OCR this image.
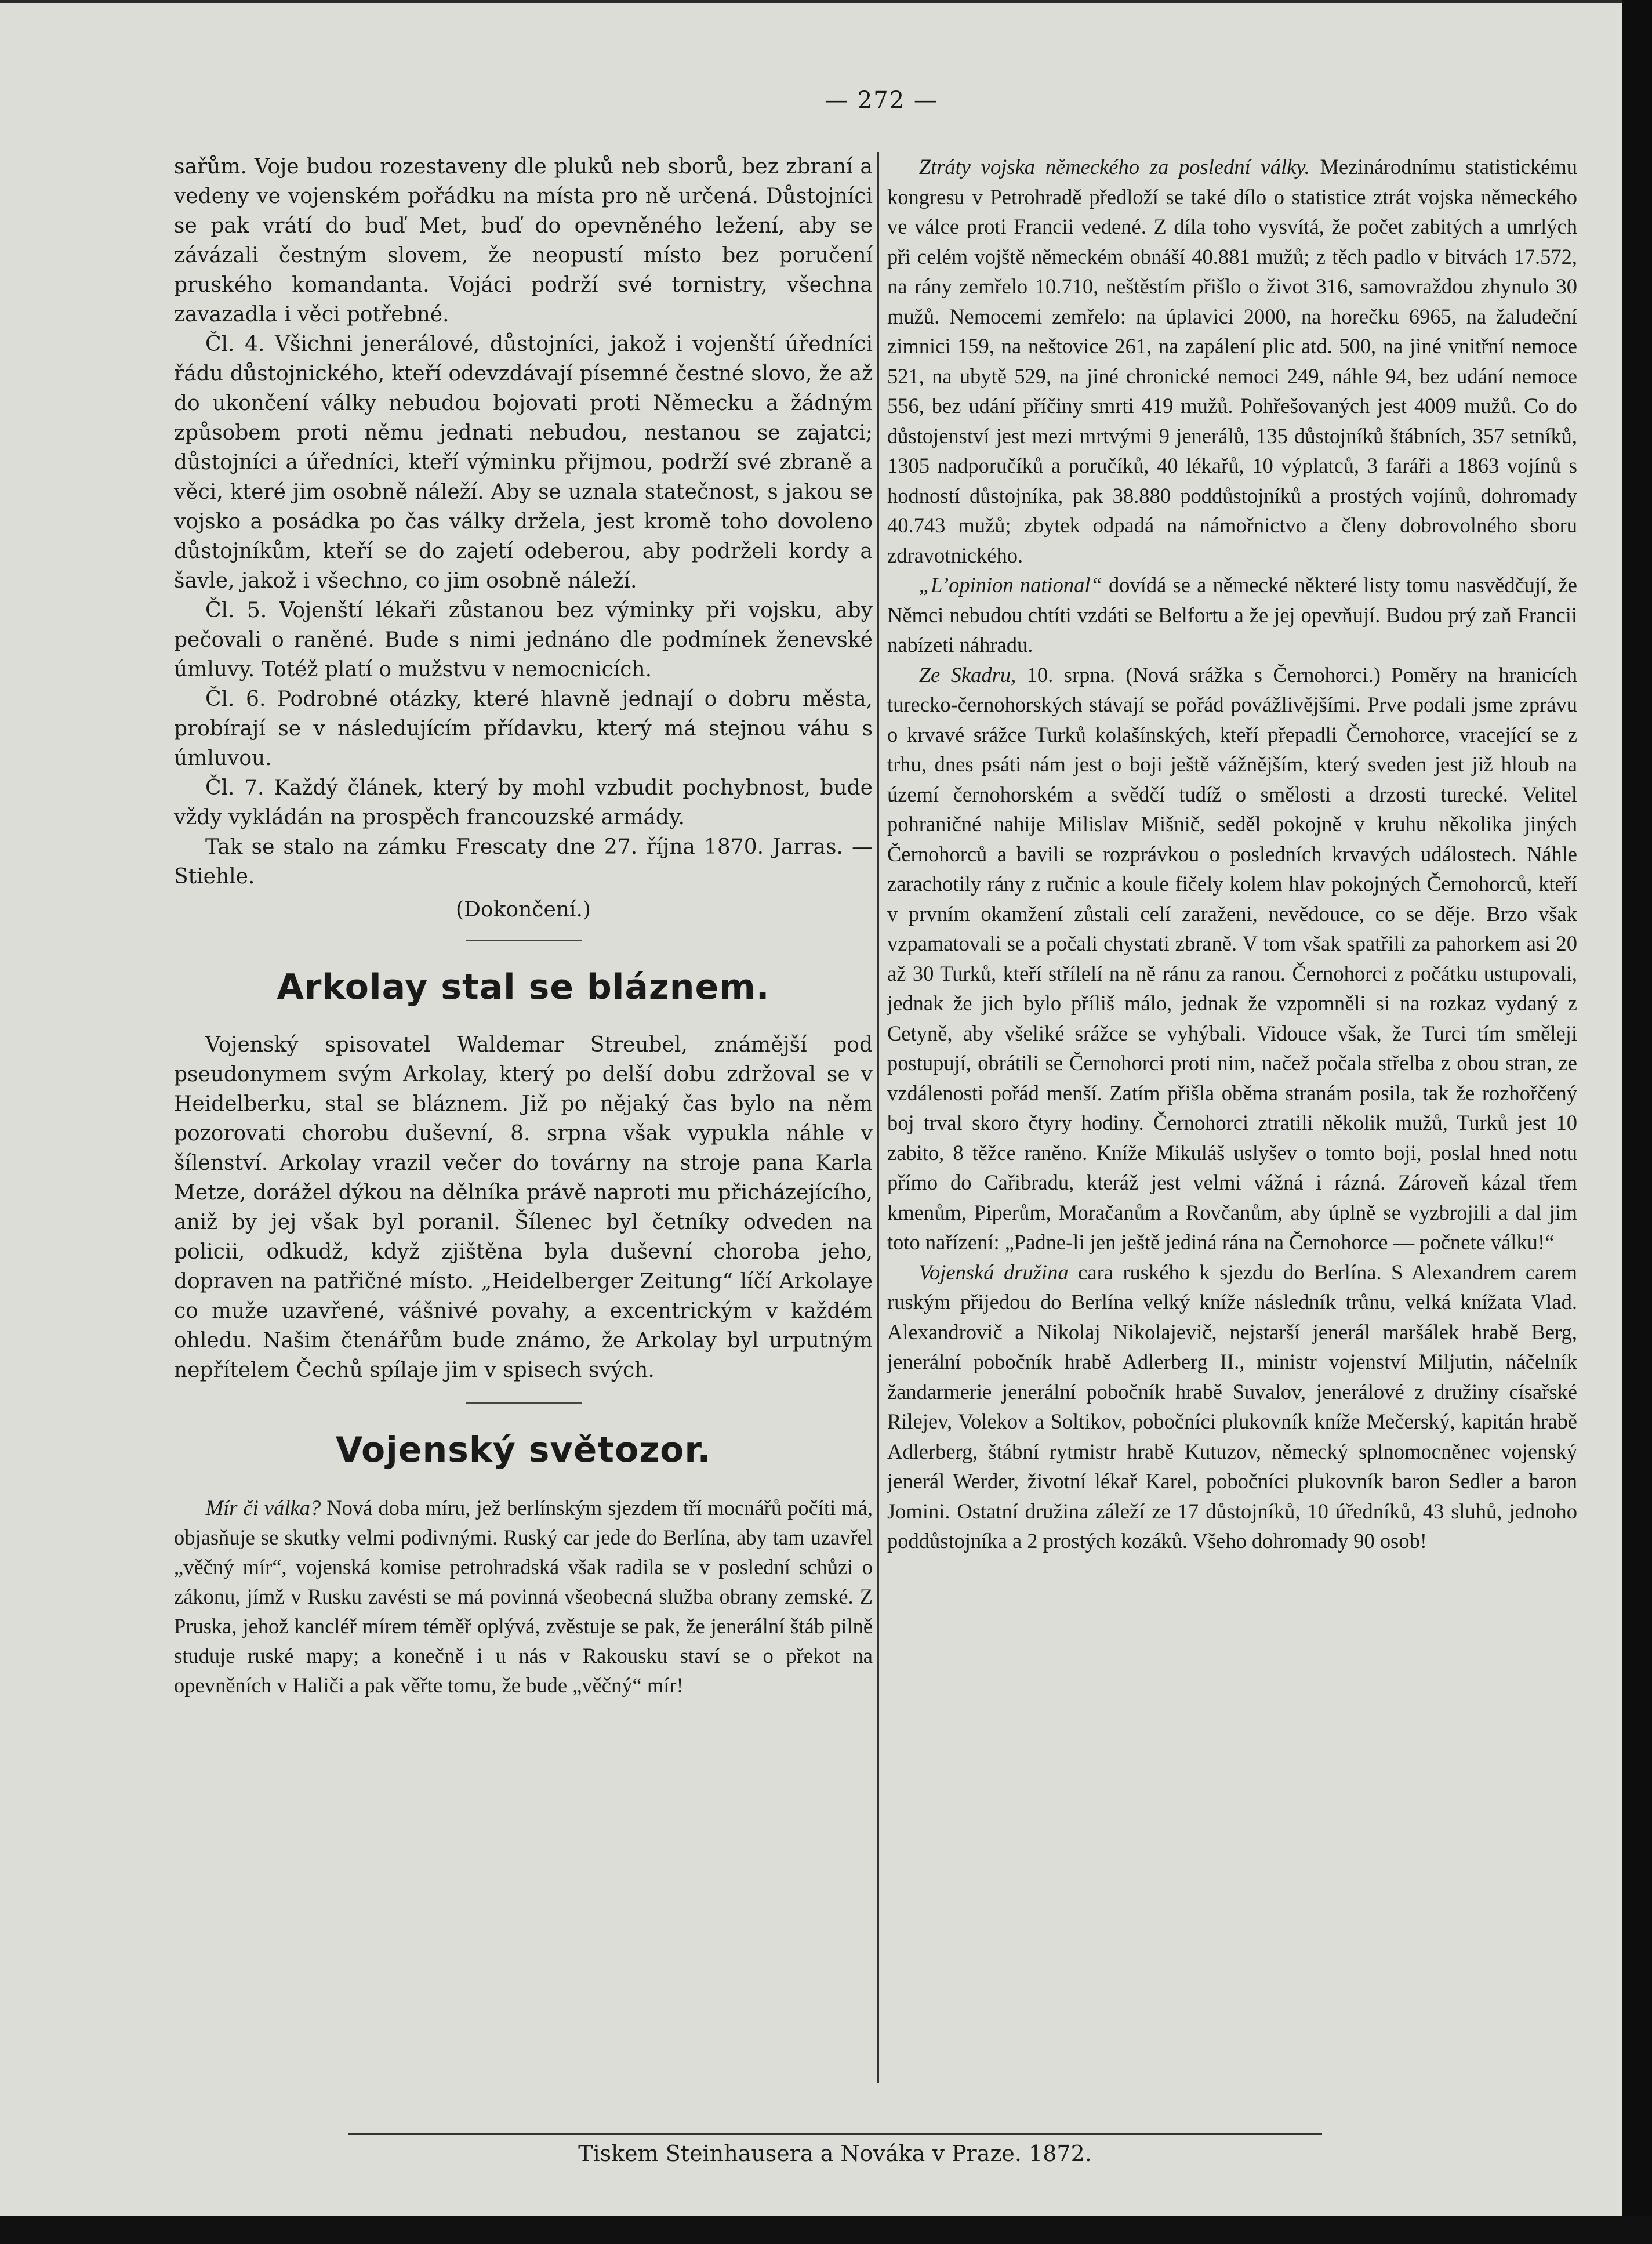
— 272 —

sařům. Voje budou rozestaveny dle pluků neb sborů, bez zbraní a vedeny ve vojenském pořádku na místa pro ně určená. Důstojníci se pak vrátí do buď Met, buď do opevněného ležení, aby se závázali čestným slovem, že neopustí místo bez poručení pruského komandanta. Vojáci podrží své tornistry, všechna zavazadla i věci potřebné.

Čl. 4. Všichni jenerálové, důstojníci, jakož i vojenští úředníci řádu důstojnického, kteří odevzdávají písemné čestné slovo, že až do ukončení války nebudou bojovati proti Německu a žádným způsobem proti němu jednati nebudou, nestanou se zajatci; důstojníci a úředníci, kteří výminku přijmou, podrží své zbraně a věci, které jim osobně náleží. Aby se uznala statečnost, s jakou se vojsko a posádka po čas války držela, jest kromě toho dovoleno důstojníkům, kteří se do zajetí odeberou, aby podrželi kordy a šavle, jakož i všechno, co jim osobně náleží.

Čl. 5. Vojenští lékaři zůstanou bez výminky při vojsku, aby pečovali o raněné. Bude s nimi jednáno dle podmínek ženevské úmluvy. Totéž platí o mužstvu v nemocnicích.

Čl. 6. Podrobné otázky, které hlavně jednají o dobru města, probírají se v následujícím přídavku, který má stejnou váhu s úmluvou.

Čl. 7. Každý článek, který by mohl vzbudit pochybnost, bude vždy vykládán na prospěch francouzské armády.

Tak se stalo na zámku Frescaty dne 27. října 1870. Jarras. — Stiehle.

(Dokončení.)

Arkolay stal se bláznem.

Vojenský spisovatel Waldemar Streubel, známější pod pseudonymem svým Arkolay, který po delší dobu zdržoval se v Heidelberku, stal se bláznem. Již po nějaký čas bylo na něm pozorovati chorobu duševní, 8. srpna však vypukla náhle v šílenství. Arkolay vrazil večer do továrny na stroje pana Karla Metze, dorážel dýkou na dělníka právě naproti mu přicházejícího, aniž by jej však byl poranil. Šílenec byl četníky odveden na policii, odkudž, když zjištěna byla duševní choroba jeho, dopraven na patřičné místo. „Heidelberger Zeitung“ líčí Arkolaye co muže uzavřené, vášnivé povahy, a excentrickým v každém ohledu. Našim čtenářům bude známo, že Arkolay byl urputným nepřítelem Čechů spílaje jim v spisech svých.

Vojenský světozor.

Mír či válka? Nová doba míru, jež berlínským sjezdem tří mocnářů počíti má, objasňuje se skutky velmi podivnými. Ruský car jede do Berlína, aby tam uzavřel „věčný mír“, vojenská komise petrohradská však radila se v poslední schůzi o zákonu, jímž v Rusku zavésti se má povinná všeobecná služba obrany zemské. Z Pruska, jehož kancléř mírem téměř oplývá, zvěstuje se pak, že jenerální štáb pilně studuje ruské mapy; a konečně i u nás v Rakousku staví se o překot na opevněních v Haliči a pak věřte tomu, že bude „věčný“ mír!

Ztráty vojska německého za poslední války. Mezinárodnímu statistickému kongresu v Petrohradě předloží se také dílo o statistice ztrát vojska německého ve válce proti Francii vedené. Z díla toho vysvítá, že počet zabitých a umrlých při celém vojště německém obnáší 40.881 mužů; z těch padlo v bitvách 17.572, na rány zemřelo 10.710, neštěstím přišlo o život 316, samovraždou zhynulo 30 mužů. Nemocemi zemřelo: na úplavici 2000, na horečku 6965, na žaludeční zimnici 159, na neštovice 261, na zapálení plic atd. 500, na jiné vnitřní nemoce 521, na ubytě 529, na jiné chronické nemoci 249, náhle 94, bez udání nemoce 556, bez udání příčiny smrti 419 mužů. Pohřešovaných jest 4009 mužů. Co do důstojenství jest mezi mrtvými 9 jenerálů, 135 důstojníků štábních, 357 setníků, 1305 nadporučíků a poručíků, 40 lékařů, 10 výplatců, 3 faráři a 1863 vojínů s hodností důstojníka, pak 38.880 poddůstojníků a prostých vojínů, dohromady 40.743 mužů; zbytek odpadá na námořnictvo a členy dobrovolného sboru zdravotnického.

„L’opinion national“ dovídá se a německé některé listy tomu nasvědčují, že Němci nebudou chtíti vzdáti se Belfortu a že jej opevňují. Budou prý zaň Francii nabízeti náhradu.

Ze Skadru, 10. srpna. (Nová srážka s Černohorci.) Poměry na hranicích turecko-černohorských stávají se pořád povážlivějšími. Prve podali jsme zprávu o krvavé srážce Turků kolašínských, kteří přepadli Černohorce, vracející se z trhu, dnes psáti nám jest o boji ještě vážnějším, který sveden jest již hloub na území černohorském a svědčí tudíž o smělosti a drzosti turecké. Velitel pohraničné nahije Milislav Mišnič, seděl pokojně v kruhu několika jiných Černohorců a bavili se rozprávkou o posledních krvavých událostech. Náhle zarachotily rány z ručnic a koule fičely kolem hlav pokojných Černohorců, kteří v prvním okamžení zůstali celí zaraženi, nevědouce, co se děje. Brzo však vzpamatovali se a počali chystati zbraně. V tom však spatřili za pahorkem asi 20 až 30 Turků, kteří střílelí na ně ránu za ranou. Černohorci z počátku ustupovali, jednak že jich bylo příliš málo, jednak že vzpomněli si na rozkaz vydaný z Cetyně, aby všeliké srážce se vyhýbali. Vidouce však, že Turci tím směleji postupují, obrátili se Černohorci proti nim, načež počala střelba z obou stran, ze vzdálenosti pořád menší. Zatím přišla oběma stranám posila, tak že rozhořčený boj trval skoro čtyry hodiny. Černohorci ztratili několik mužů, Turků jest 10 zabito, 8 těžce raněno. Kníže Mikuláš uslyšev o tomto boji, poslal hned notu přímo do Cařibradu, kteráž jest velmi vážná i rázná. Zároveň kázal třem kmenům, Piperům, Moračanům a Rovčanům, aby úplně se vyzbrojili a dal jim toto nařízení: „Padne-li jen ještě jediná rána na Černohorce — počnete válku!“

Vojenská družina cara ruského k sjezdu do Berlína. S Alexandrem carem ruským přijedou do Berlína velký kníže následník trůnu, velká knížata Vlad. Alexandrovič a Nikolaj Nikolajevič, nejstarší jenerál maršálek hrabě Berg, jenerální pobočník hrabě Adlerberg II., ministr vojenství Miljutin, náčelník žandarmerie jenerální pobočník hrabě Suvalov, jenerálové z družiny císařské Rilejev, Volekov a Soltikov, pobočníci plukovník kníže Mečerský, kapitán hrabě Adlerberg, štábní rytmistr hrabě Kutuzov, německý splnomocněnec vojenský jenerál Werder, životní lékař Karel, pobočníci plukovník baron Sedler a baron Jomini. Ostatní družina záleží ze 17 důstojníků, 10 úředníků, 43 sluhů, jednoho poddůstojníka a 2 prostých kozáků. Všeho dohromady 90 osob!

Tiskem Steinhausera a Nováka v Praze. 1872.
